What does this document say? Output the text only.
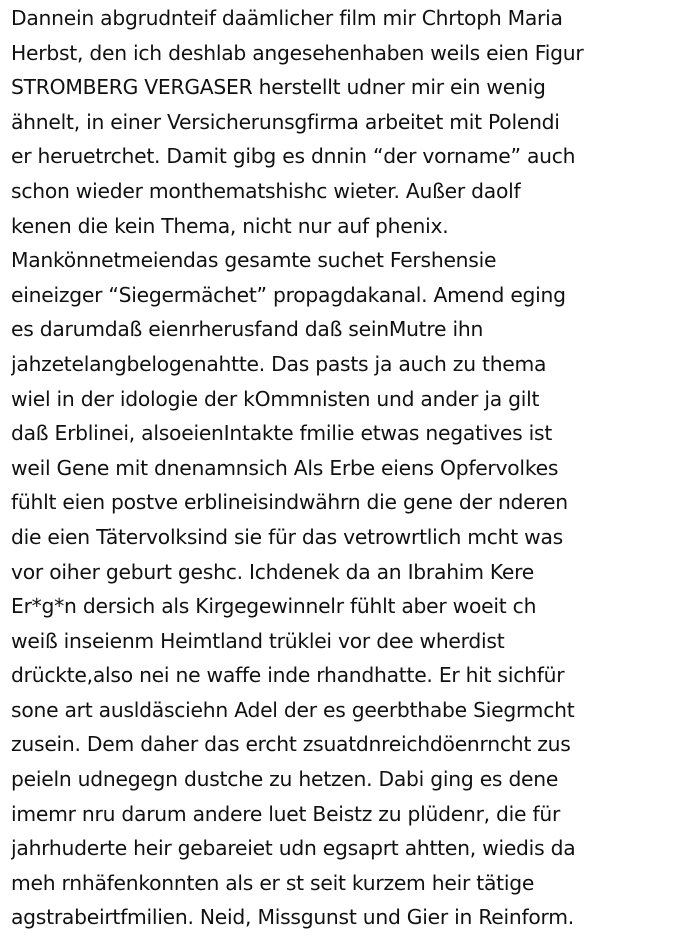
Dannein abgrudnteif daämlicher film mir Chrtoph Maria
Herbst, den ich deshlab angesehenhaben weils eien Figur
STROMBERG VERGASER herstellt udner mir ein wenig
ähnelt, in einer Versicherunsgfirma arbeitet mit Polendi
er heruetrchet. Damit gibg es dnnin “der vorname” auch
schon wieder monthematshishc wieter. Außer daolf
kenen die kein Thema, nicht nur auf phenix.
Mankönnetmeiendas gesamte suchet Fershensie
eineizger “Siegermächet” propagdakanal. Amend eging
es darumdaß eienrherusfand daß seinMutre ihn
jahzetelangbelogenahtte. Das pasts ja auch zu thema
wiel in der idologie der kOmmnisten und ander ja gilt
daß Erblinei, alsoeienIntakte fmilie etwas negatives ist
weil Gene mit dnenamnsich Als Erbe eiens Opfervolkes
fühlt eien postve erblineisindwährn die gene der nderen
die eien Tätervolksind sie für das vetrowrtlich mcht was
vor oiher geburt geshc. Ichdenek da an Ibrahim Kere
Er*g*n dersich als Kirgegewinnelr fühlt aber woeit ch
weiß inseienm Heimtland trüklei vor dee wherdist
drückte,also nei ne waffe inde rhandhatte. Er hit sichfür
sone art ausldäsciehn Adel der es geerbthabe Siegrmcht
zusein. Dem daher das ercht zsuatdnreichdöenrncht zus
peieln udnegegn dustche zu hetzen. Dabi ging es dene
imemr nru darum andere luet Beistz zu plüdenr, die für
jahrhuderte heir gebareiet udn egsaprt ahtten, wiedis da
meh rnhäfenkonnten als er st seit kurzem heir tätige
agstrabeirtfmilien. Neid, Missgunst und Gier in Reinform.
